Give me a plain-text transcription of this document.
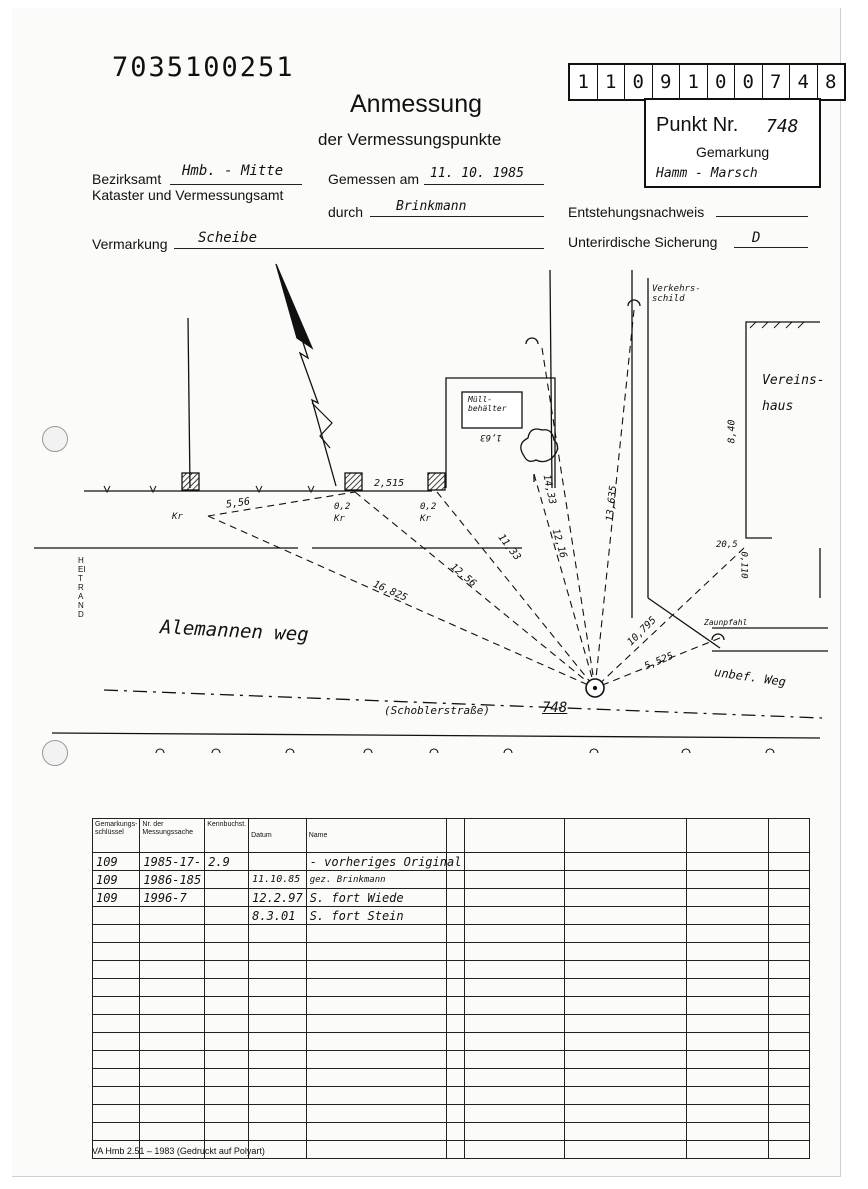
7035100251
Anmessung
der Vermessungspunkte
1 1 0 9 1 0 0 7 4 8
Punkt Nr. 748
Gemarkung
Hamm - Marsch
Bezirksamt Hmb. - Mitte
Kataster und Vermessungsamt
Gemessen am 11. 10. 1985
durch	Brinkmann	Entstehungsnachweis
Vermarkung Scheibe	Unterirdische Sicherung D
HEITRAND
Alemannen weg
(Schoblerstraße)	748
Verkehrs-schild
Müll-behälter
1,63
Vereins-haus
8,40
20,5
0,110
Zaunpfahl
unbef. Weg
Kr
0,2
Kr
0,2
Kr
5,56
2,515
16,825
12,56
11,33	12,16
14,33	13,635
10,795
5,525
Gemarkungs-schlüssel	Nr. der Messungssache	Kennbuchst.	Datum	Name
109	1985-17-	2.9		- vorheriges Original
109	1986-185		11.10.85	gez. Brinkmann
109	1996-7		12.2.97	S. fort Wiede
			8.3.01	S. fort Stein

VA Hmb 2.51 – 1983 (Gedruckt auf Polyart)
